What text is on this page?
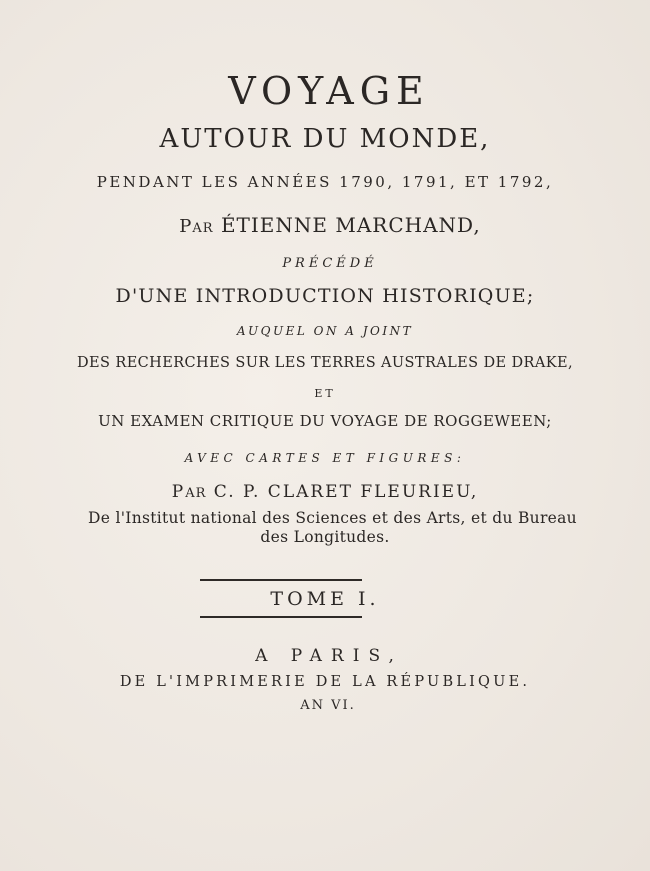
VOYAGE
AUTOUR DU MONDE,
PENDANT LES ANNÉES 1790, 1791, ET 1792,
PAR ÉTIENNE MARCHAND,
PRÉCÉDÉ
D'UNE INTRODUCTION HISTORIQUE;
AUQUEL ON A JOINT
DES RECHERCHES SUR LES TERRES AUSTRALES DE DRAKE,
ET
UN EXAMEN CRITIQUE DU VOYAGE DE ROGGEWEEN;
AVEC CARTES ET FIGURES:
PAR C. P. CLARET FLEURIEU,
De l'Institut national des Sciences et des Arts, et du Bureau
des Longitudes.
TOME I.
A PARIS,
DE L'IMPRIMERIE DE LA RÉPUBLIQUE.
AN VI.
